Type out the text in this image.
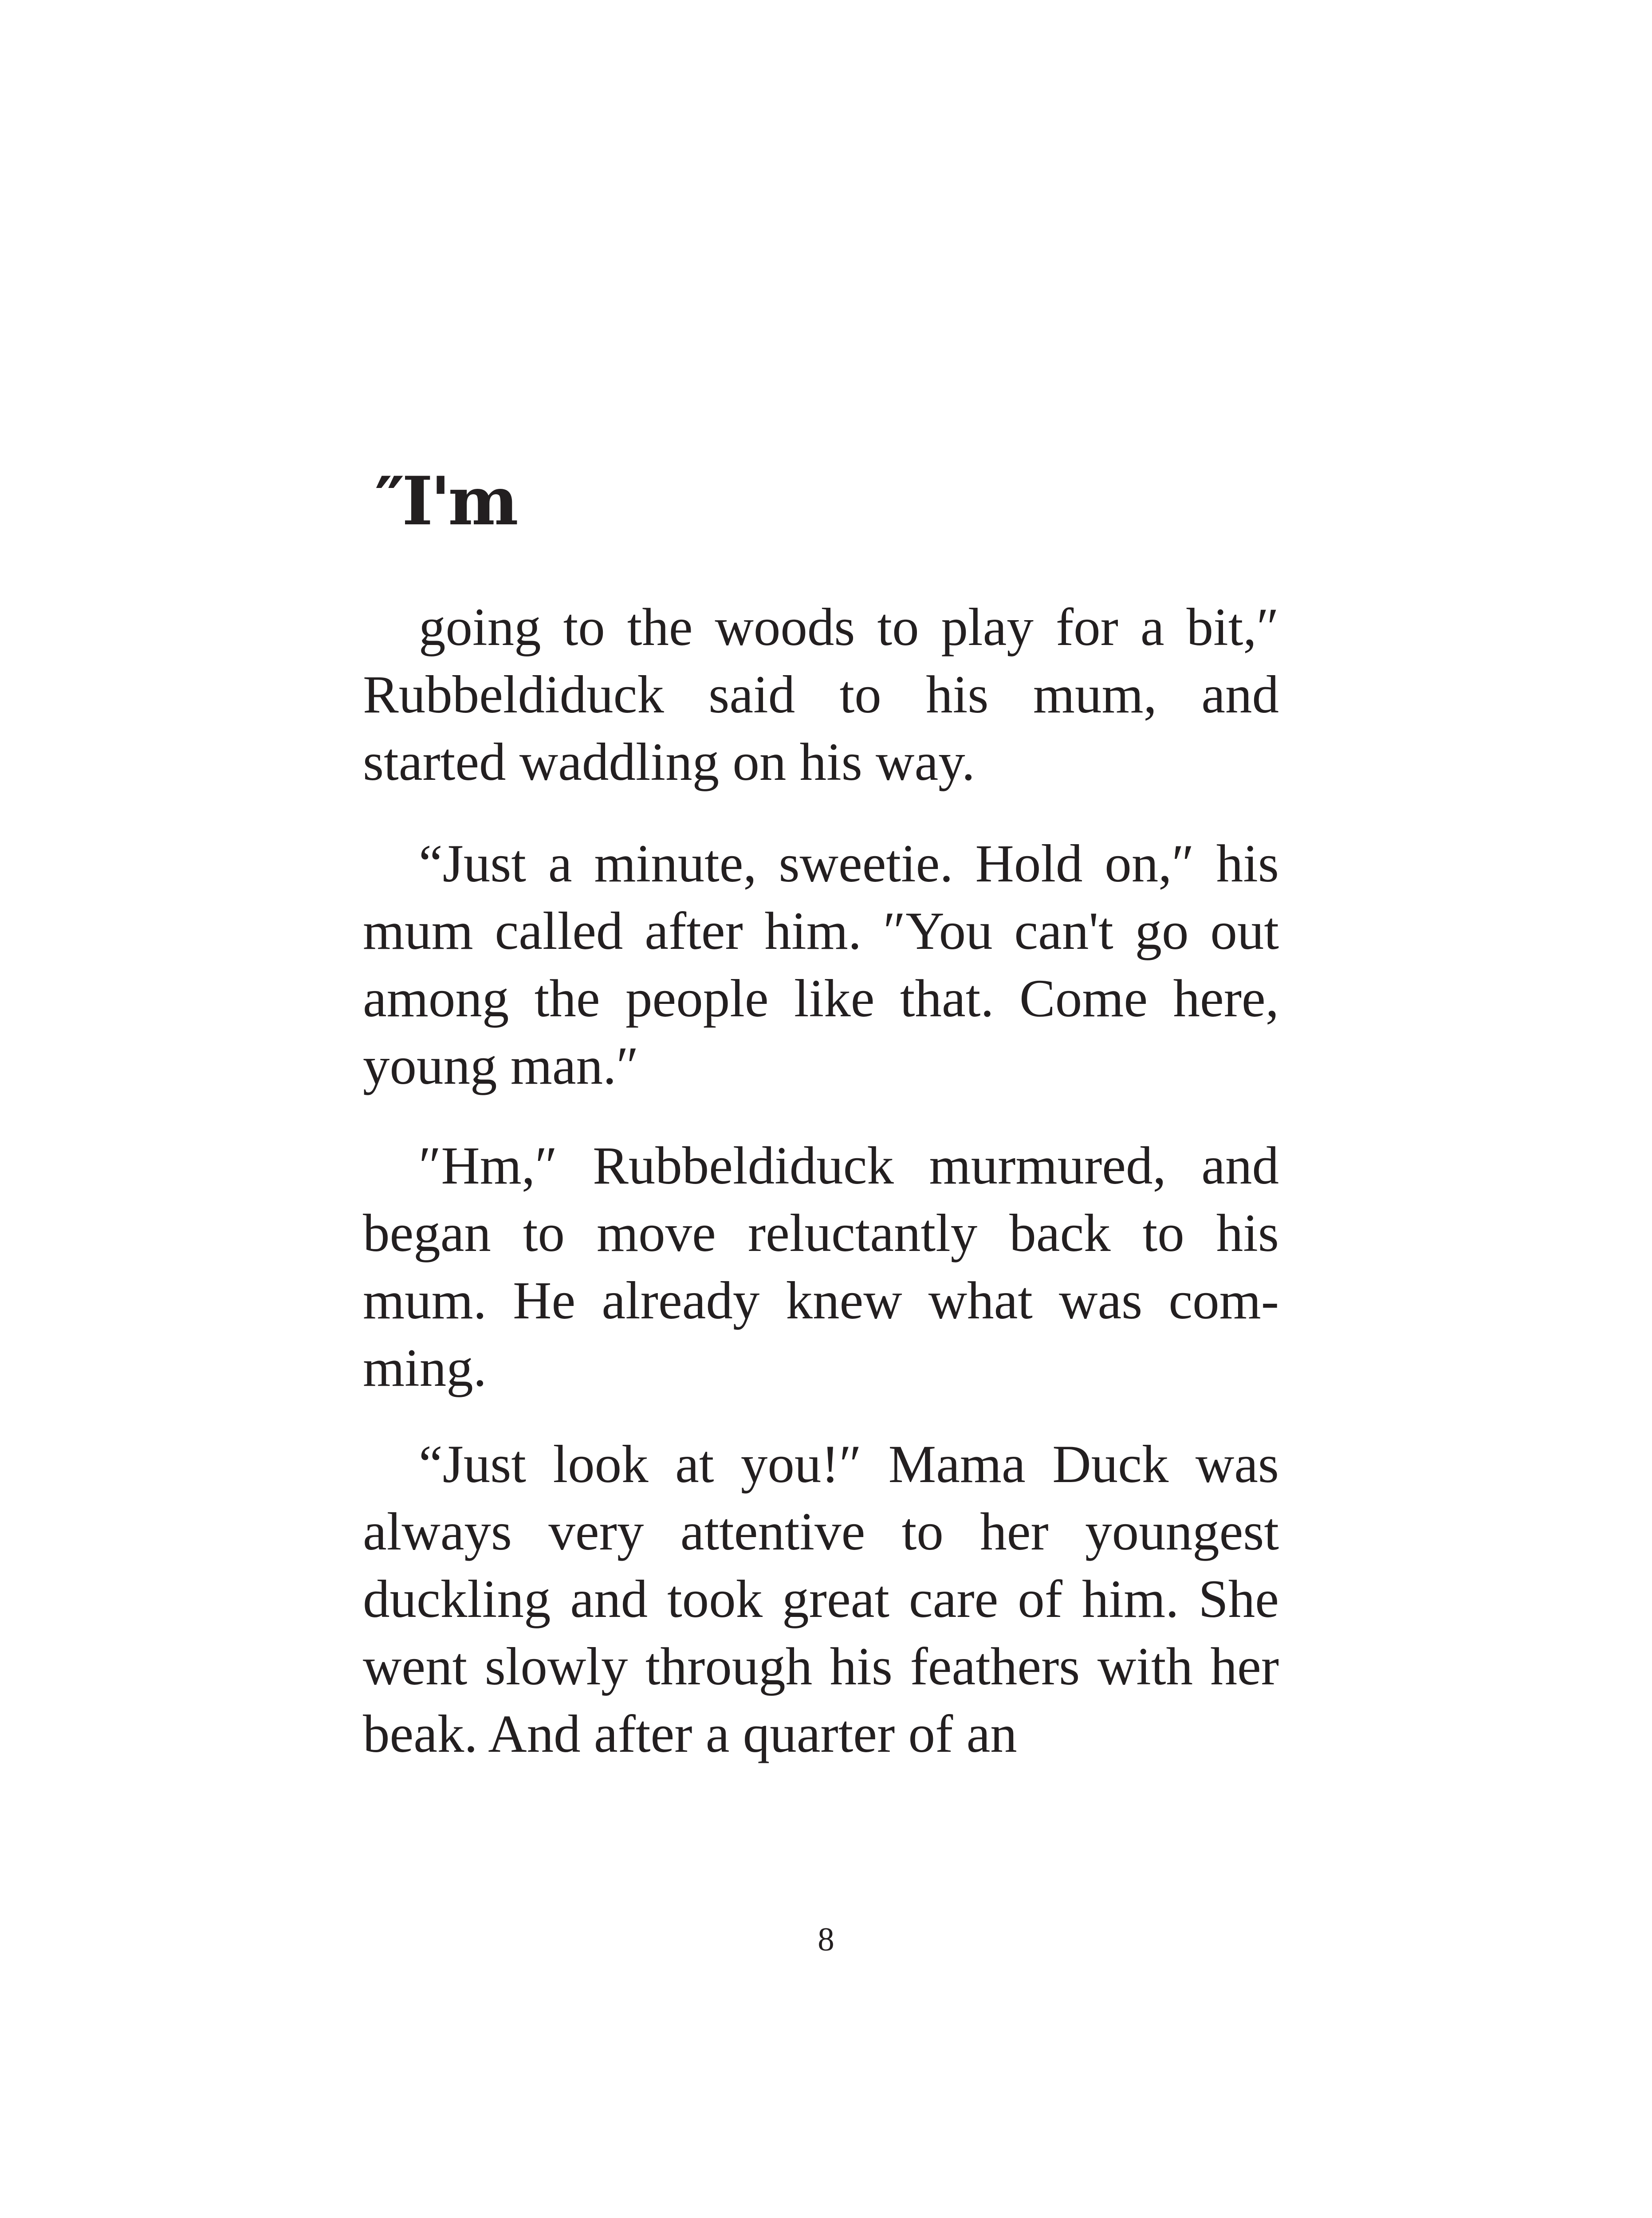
″I'm

going to the woods to play for a bit,″ Rubbeldiduck said to his mum, and started waddling on his way.

“Just a minute, sweetie. Hold on,″ his mum called after him. ″You can't go out among the people like that. Come here, young man.″

″Hm,″ Rubbeldiduck murmured, and began to move reluctantly back to his mum. He already knew what was comming.

“Just look at you!″ Mama Duck was always very attentive to her youngest duckling and took great care of him. She went slowly through his feathers with her beak. And after a quarter of an

8
